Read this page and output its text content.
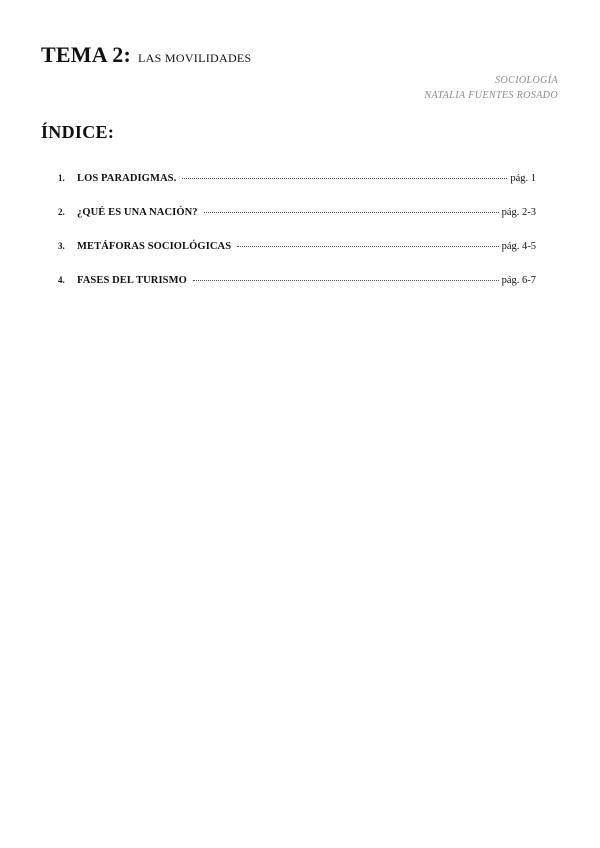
TEMA 2: LAS MOVILIDADES
SOCIOLOGÍA
NATALIA FUENTES ROSADO
ÍNDICE:
1.	LOS PARADIGMAS.	pág. 1
2.	¿QUÉ ES UNA NACIÓN?	pág. 2-3
3.	METÁFORAS SOCIOLÓGICAS	pág. 4-5
4.	FASES DEL TURISMO	pág. 6-7
